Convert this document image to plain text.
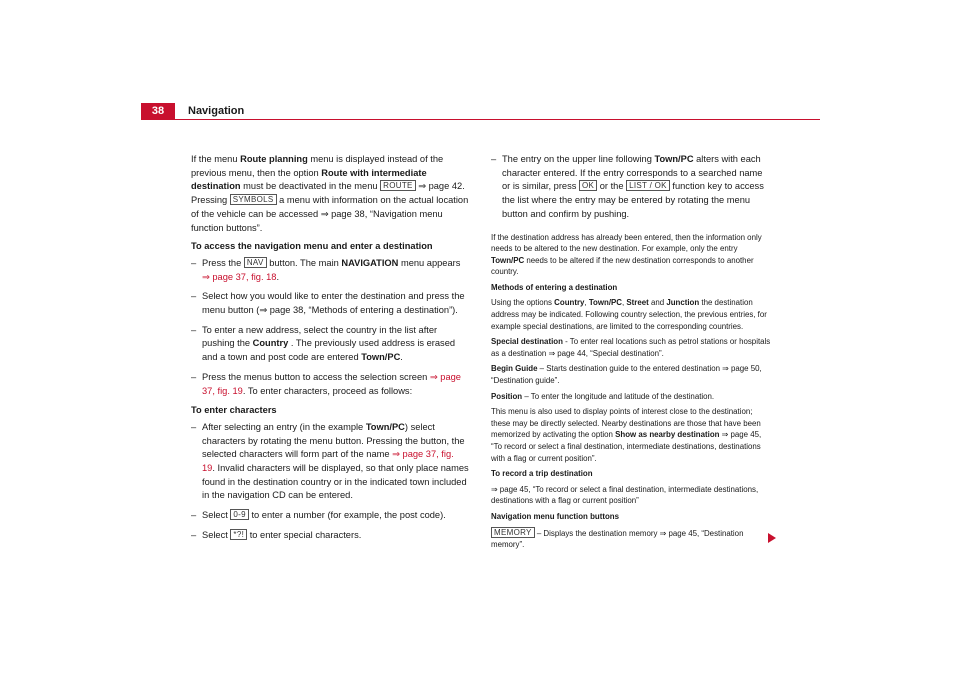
38	Navigation

If the menu Route planning menu is displayed instead of the previous menu, then the option Route with intermediate destination must be deactivated in the menu ROUTE ⇒ page 42. Pressing SYMBOLS a menu with information on the actual location of the vehicle can be accessed ⇒ page 38, “Navigation menu function buttons”.

To access the navigation menu and enter a destination

– Press the NAV button. The main NAVIGATION menu appears ⇒ page 37, fig. 18.
– Select how you would like to enter the destination and press the menu button (⇒ page 38, “Methods of entering a destination”).
– To enter a new address, select the country in the list after pushing the Country . The previously used address is erased and a town and post code are entered Town/PC.
– Press the menus button to access the selection screen ⇒ page 37, fig. 19. To enter characters, proceed as follows:

To enter characters

– After selecting an entry (in the example Town/PC) select characters by rotating the menu button. Pressing the button, the selected characters will form part of the name ⇒ page 37, fig. 19. Invalid characters will be displayed, so that only place names found in the destination country or in the indicated town included in the navigation CD can be entered.
– Select 0-9 to enter a number (for example, the post code).
– Select *?! to enter special characters.
– The entry on the upper line following Town/PC alters with each character entered. If the entry corresponds to a searched name or is similar, press OK or the LIST / OK function key to access the list where the entry may be entered by rotating the menu button and confirm by pushing.

If the destination address has already been entered, then the information only needs to be altered to the new destination. For example, only the entry Town/PC needs to be altered if the new destination corresponds to another country.

Methods of entering a destination

Using the options Country, Town/PC, Street and Junction the destination address may be indicated. Following country selection, the previous entries, for example special destinations, are limited to the corresponding countries.

Special destination - To enter real locations such as petrol stations or hospitals as a destination ⇒ page 44, “Special destination”.

Begin Guide – Starts destination guide to the entered destination ⇒ page 50, “Destination guide”.

Position – To enter the longitude and latitude of the destination.

This menu is also used to display points of interest close to the destination; these may be directly selected. Nearby destinations are those that have been memorized by activating the option Show as nearby destination ⇒ page 45, “To record or select a final destination, intermediate destinations, destinations with a flag or current position”.

To record a trip destination

⇒ page 45, “To record or select a final destination, intermediate destinations, destinations with a flag or current position”

Navigation menu function buttons

MEMORY – Displays the destination memory ⇒ page 45, “Destination memory”.
